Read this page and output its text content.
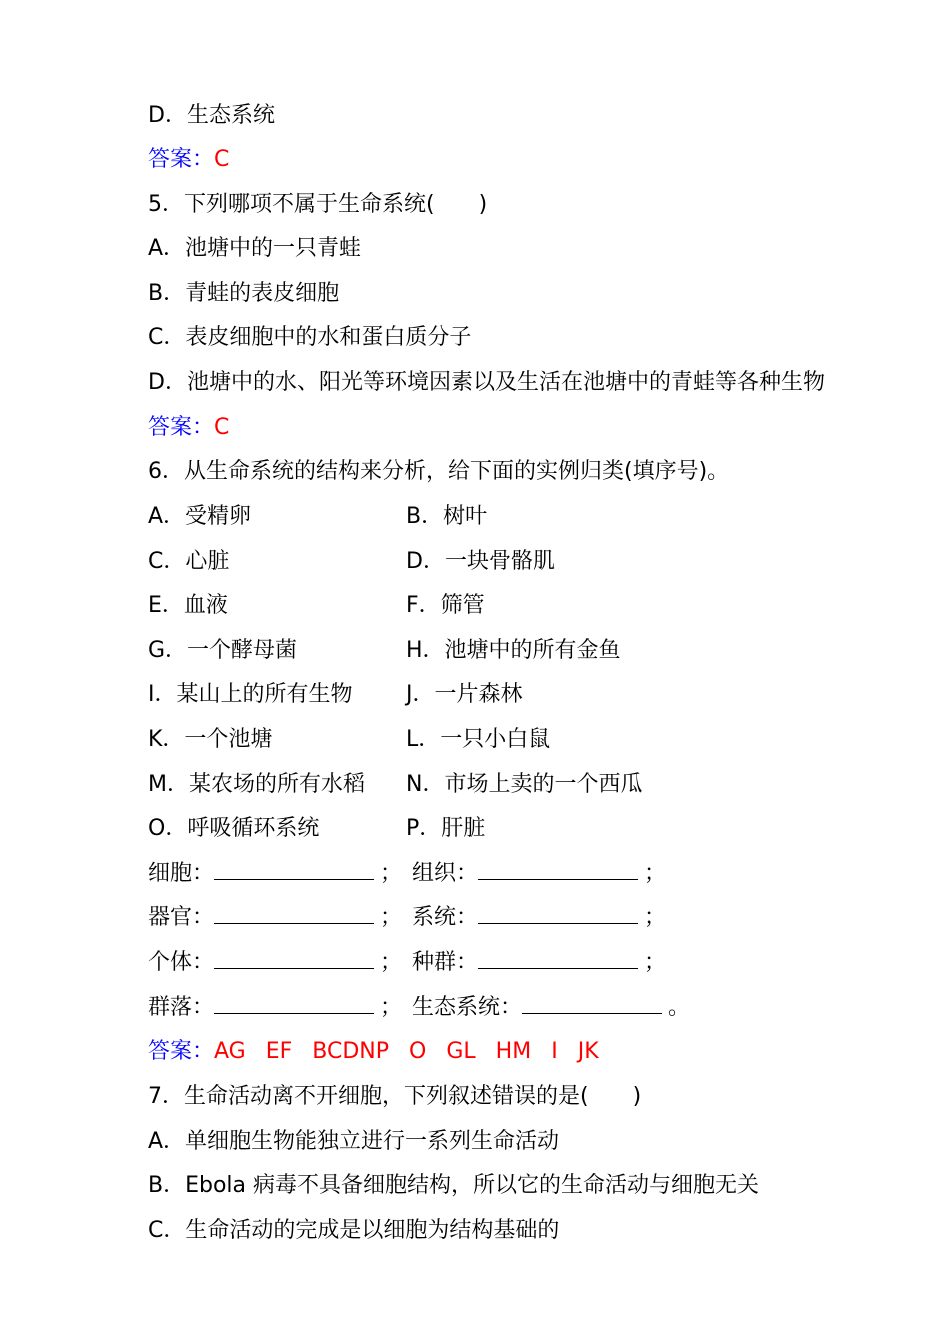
D．生态系统
答案：C
5．下列哪项不属于生命系统(　　)
A．池塘中的一只青蛙
B．青蛙的表皮细胞
C．表皮细胞中的水和蛋白质分子
D．池塘中的水、阳光等环境因素以及生活在池塘中的青蛙等各种生物
答案：C
6．从生命系统的结构来分析，给下面的实例归类(填序号)。
A．受精卵	B．树叶
C．心脏	D．一块骨骼肌
E．血液	F．筛管
G．一个酵母菌	H．池塘中的所有金鱼
I．某山上的所有生物 J．一片森林
K．一个池塘	L．一只小白鼠
M．某农场的所有水稻 N．市场上卖的一个西瓜
O．呼吸循环系统	P．肝脏
细胞：	； 组织：	；
器官：	； 系统：	；
个体：	； 种群：	；
群落：	； 生态系统：	。
答案：AG EF BCDNP O GL HM I JK
7．生命活动离不开细胞，下列叙述错误的是(　　)
A．单细胞生物能独立进行一系列生命活动
B．Ebola 病毒不具备细胞结构，所以它的生命活动与细胞无关
C．生命活动的完成是以细胞为结构基础的
